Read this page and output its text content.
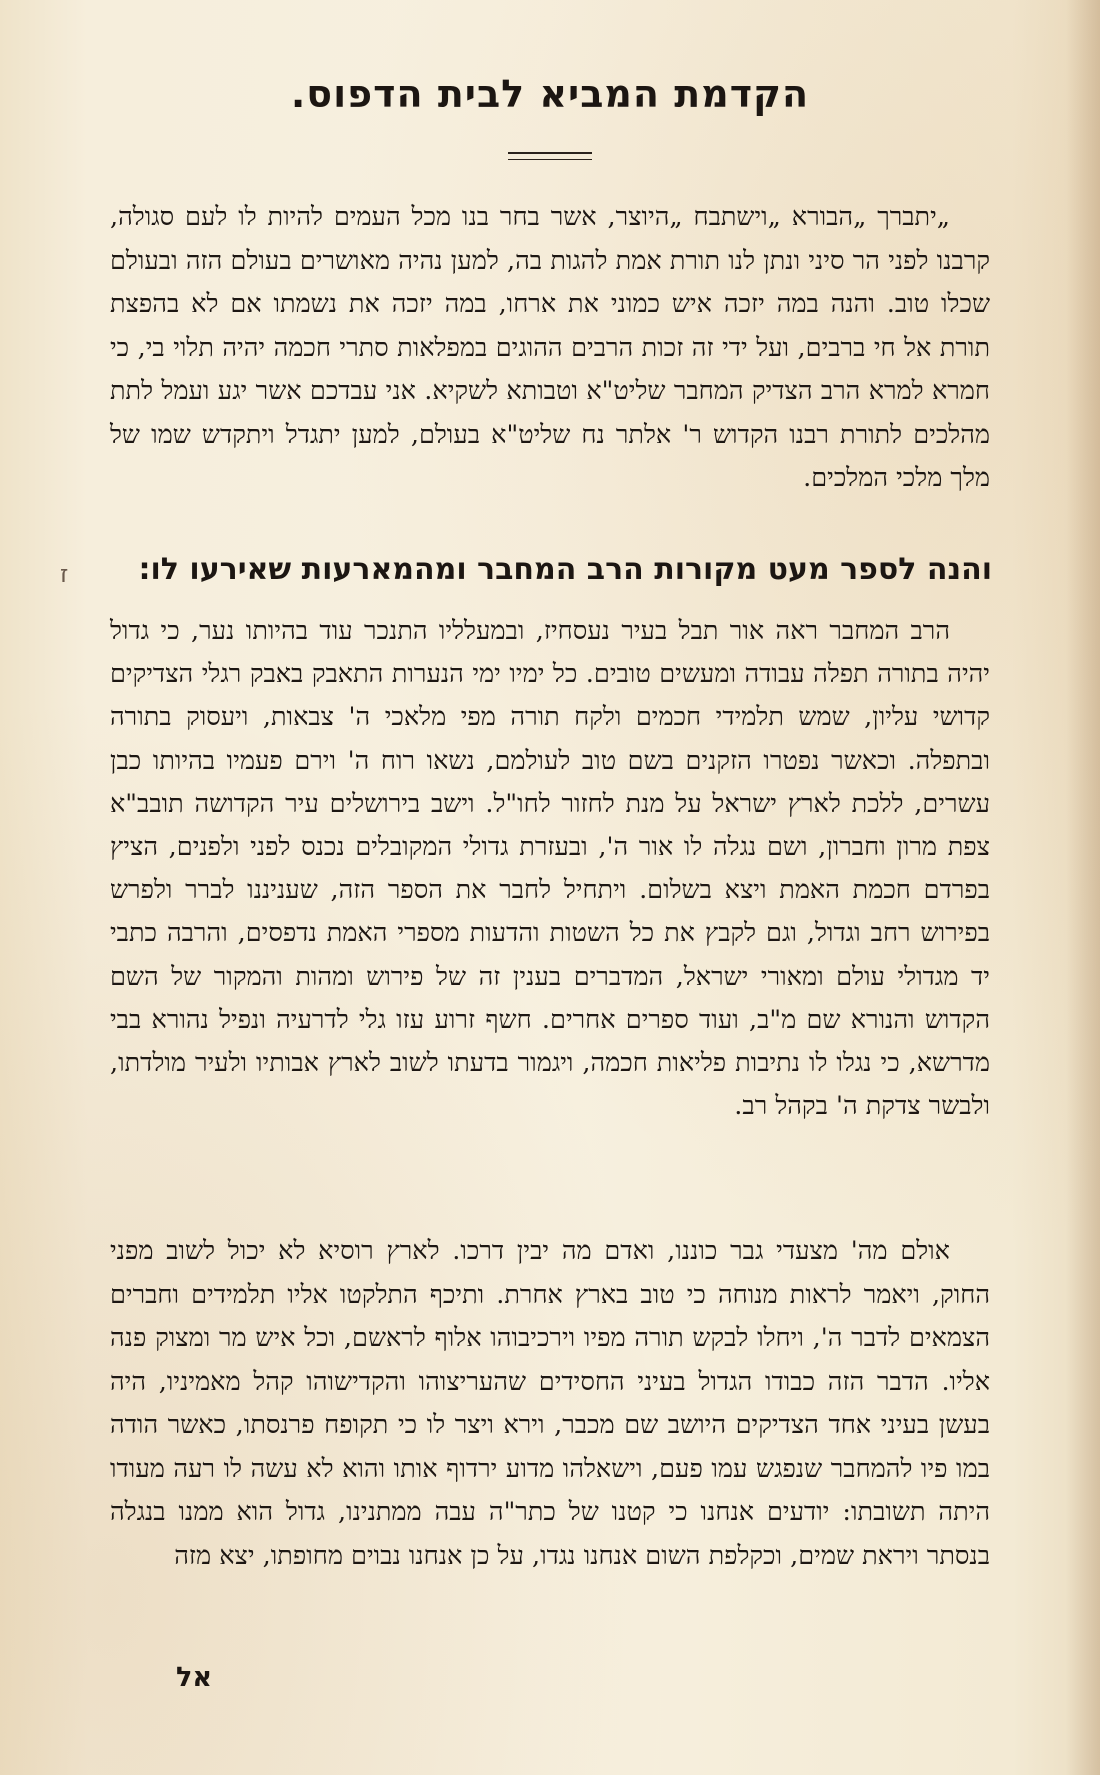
הקדמת המביא לבית הדפוס.

„יתברך „הבורא „וישתבח „היוצר, אשר בחר בנו מכל העמים להיות לו לעם סגולה, קרבנו לפני הר סיני ונתן לנו תורת אמת להגות בה, למען נהיה מאושרים בעולם הזה ובעולם שכלו טוב. והנה במה יזכה איש כמוני את ארחו, במה יזכה את נשמתו אם לא בהפצת תורת אל חי ברבים, ועל ידי זה זכות הרבים ההוגים במפלאות סתרי חכמה יהיה תלוי בי, כי חמרא למרא הרב הצדיק המחבר שליט"א וטבותא לשקיא. אני עבדכם אשר יגע ועמל לתת מהלכים לתורת רבנו הקדוש ר' אלתר נח שליט"א בעולם, למען יתגדל ויתקדש שמו של מלך מלכי המלכים.

ז	והנה לספר מעט מקורות הרב המחבר ומהמארעות שאירעו לו:

הרב המחבר ראה אור תבל בעיר נעסחיז, ובמעלליו התנכר עוד בהיותו נער, כי גדול יהיה בתורה תפלה עבודה ומעשים טובים. כל ימיו ימי הנערות התאבק באבק רגלי הצדיקים קדושי עליון, שמש תלמידי חכמים ולקח תורה מפי מלאכי ה' צבאות, ויעסוק בתורה ובתפלה. וכאשר נפטרו הזקנים בשם טוב לעולמם, נשאו רוח ה' וירם פעמיו בהיותו כבן עשרים, ללכת לארץ ישראל על מנת לחזור לחו"ל. וישב בירושלים עיר הקדושה תובב"א צפת מרון וחברון, ושם נגלה לו אור ה', ובעזרת גדולי המקובלים נכנס לפני ולפנים, הציץ בפרדם חכמת האמת ויצא בשלום. ויתחיל לחבר את הספר הזה, שעניננו לברר ולפרש בפירוש רחב וגדול, וגם לקבץ את כל השטות והדעות מספרי האמת נדפסים, והרבה כתבי יד מגדולי עולם ומאורי ישראל, המדברים בענין זה של פירוש ומהות והמקור של השם הקדוש והנורא שם מ"ב, ועוד ספרים אחרים. חשף זרוע עזו גלי לדרעיה ונפיל נהורא בבי מדרשא, כי נגלו לו נתיבות פליאות חכמה, ויגמור בדעתו לשוב לארץ אבותיו ולעיר מולדתו, ולבשר צדקת ה' בקהל רב.

אולם מה' מצעדי גבר כוננו, ואדם מה יבין דרכו. לארץ רוסיא לא יכול לשוב מפני החוק, ויאמר לראות מנוחה כי טוב בארץ אחרת. ותיכף התלקטו אליו תלמידים וחברים הצמאים לדבר ה', ויחלו לבקש תורה מפיו וירכיבוהו אלוף לראשם, וכל איש מר ומצוק פנה אליו. הדבר הזה כבודו הגדול בעיני החסידים שהעריצוהו והקדישוהו קהל מאמיניו, היה בעשן בעיני אחד הצדיקים היושב שם מכבר, וירא ויצר לו כי תקופח פרנסתו, כאשר הודה במו פיו להמחבר שנפגש עמו פעם, וישאלהו מדוע ירדוף אותו והוא לא עשה לו רעה מעודו היתה תשובתו: יודעים אנחנו כי קטנו של כתר"ה עבה ממתנינו, גדול הוא ממנו בנגלה בנסתר ויראת שמים, וכקלפת השום אנחנו נגדו, על כן אנחנו נבוים מחופתו, יצא מזה

אל
